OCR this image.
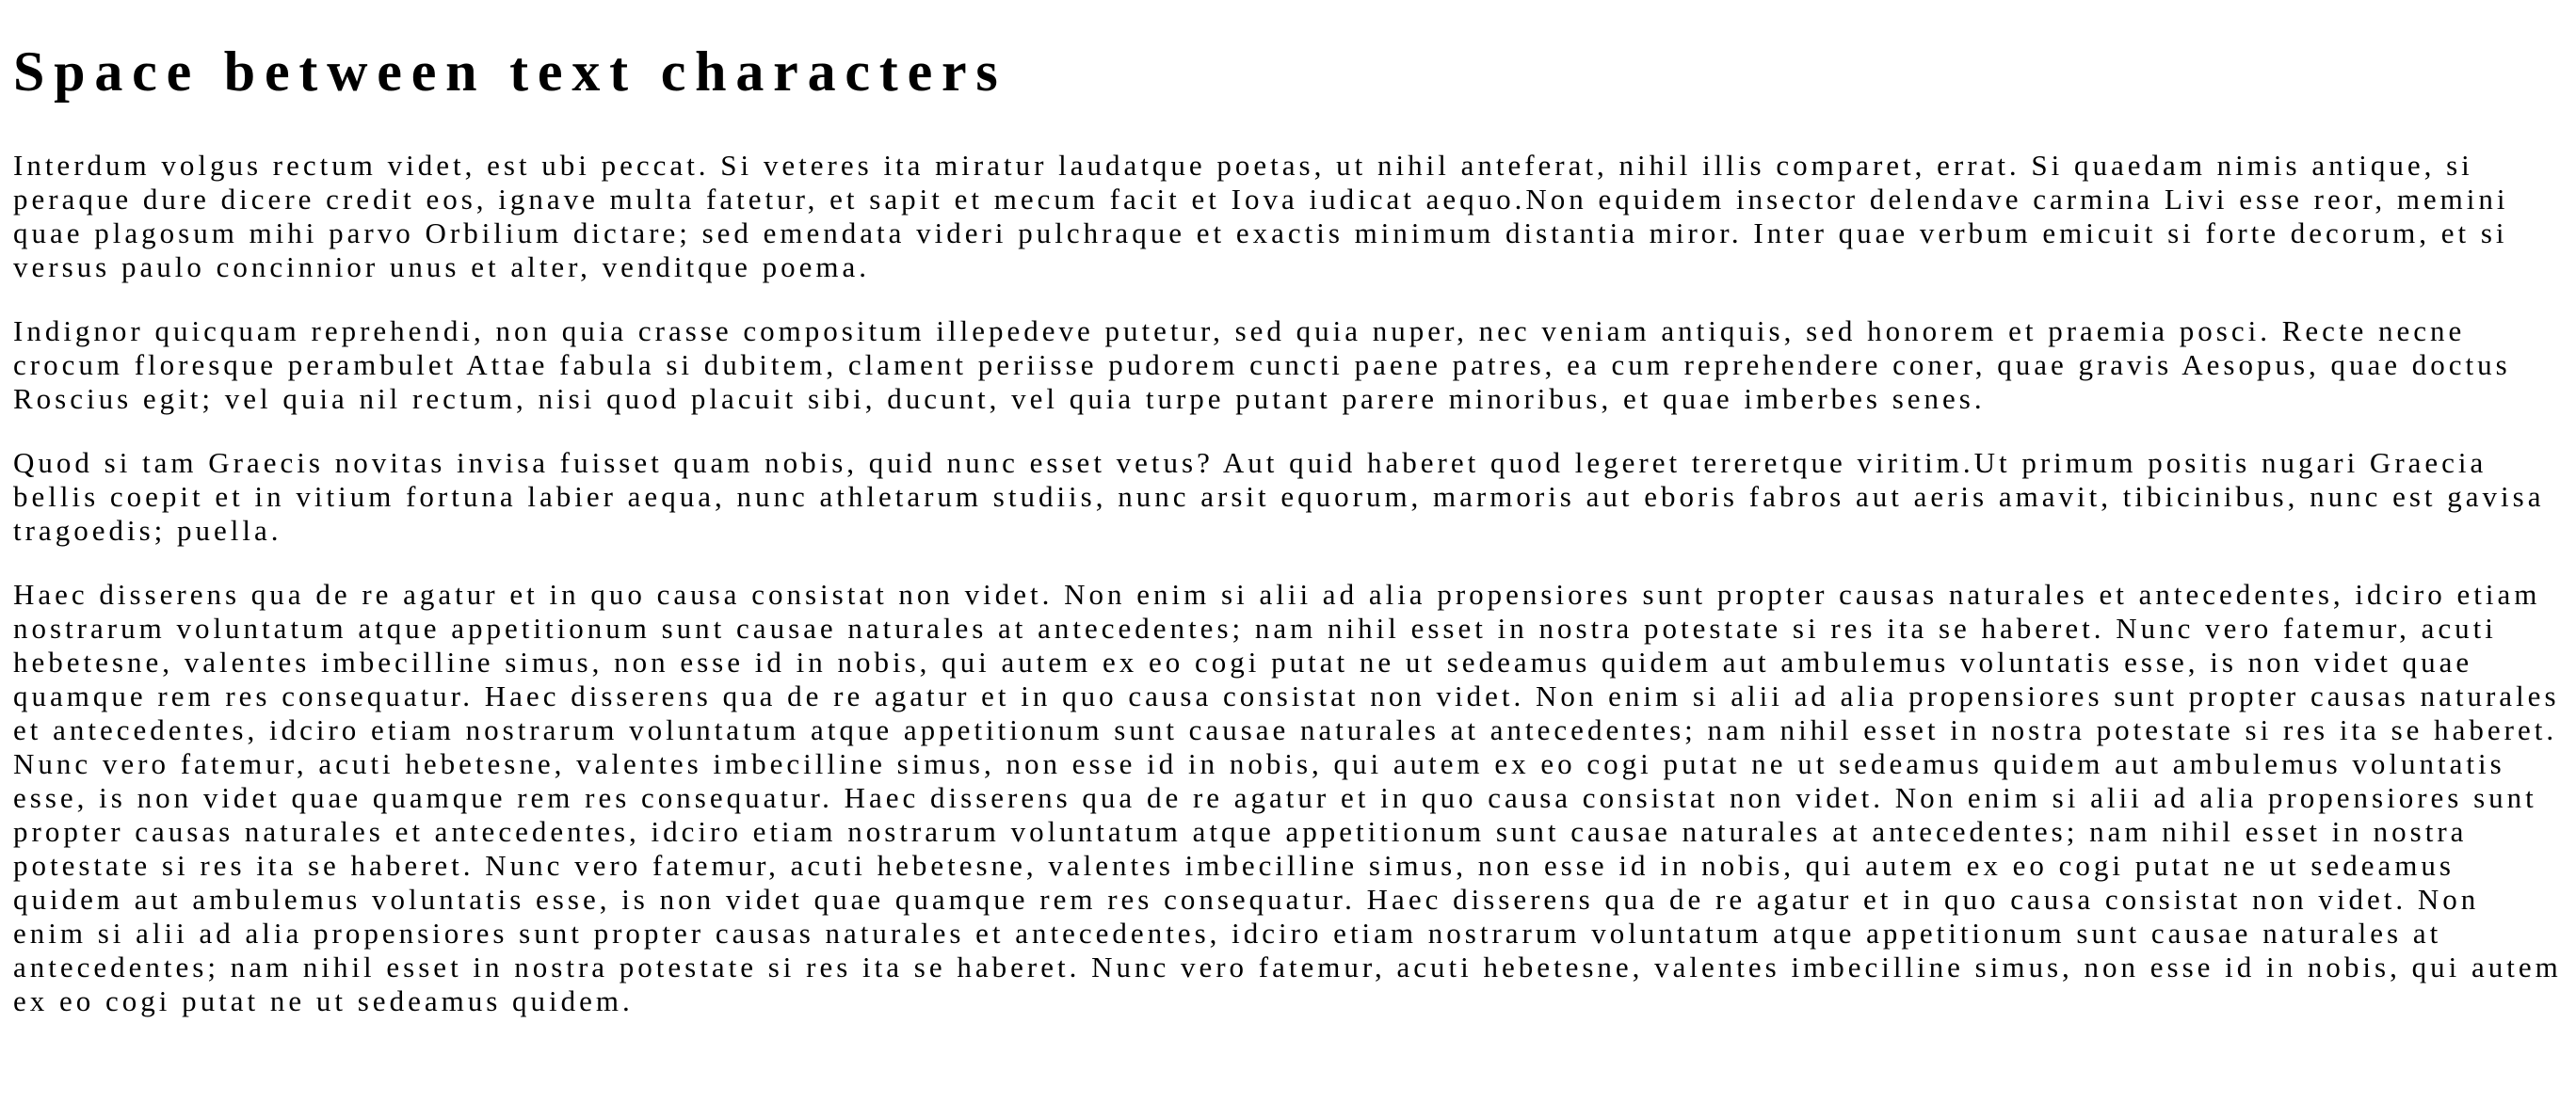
Space between text characters

Interdum volgus rectum videt, est ubi peccat. Si veteres ita miratur laudatque poetas, ut nihil anteferat, nihil illis comparet, errat. Si quaedam nimis antique, si peraque dure dicere credit eos, ignave multa fatetur, et sapit et mecum facit et Iova iudicat aequo.Non equidem insector delendave carmina Livi esse reor, memini quae plagosum mihi parvo Orbilium dictare; sed emendata videri pulchraque et exactis minimum distantia miror. Inter quae verbum emicuit si forte decorum, et si versus paulo concinnior unus et alter, venditque poema.

Indignor quicquam reprehendi, non quia crasse compositum illepedeve putetur, sed quia nuper, nec veniam antiquis, sed honorem et praemia posci. Recte necne crocum floresque perambulet Attae fabula si dubitem, clament periisse pudorem cuncti paene patres, ea cum reprehendere coner, quae gravis Aesopus, quae doctus Roscius egit; vel quia nil rectum, nisi quod placuit sibi, ducunt, vel quia turpe putant parere minoribus, et quae imberbes senes.

Quod si tam Graecis novitas invisa fuisset quam nobis, quid nunc esset vetus? Aut quid haberet quod legeret tereretque viritim.Ut primum positis nugari Graecia bellis coepit et in vitium fortuna labier aequa, nunc athletarum studiis, nunc arsit equorum, marmoris aut eboris fabros aut aeris amavit, tibicinibus, nunc est gavisa tragoedis; puella.

Haec disserens qua de re agatur et in quo causa consistat non videt. Non enim si alii ad alia propensiores sunt propter causas naturales et antecedentes, idciro etiam nostrarum voluntatum atque appetitionum sunt causae naturales at antecedentes; nam nihil esset in nostra potestate si res ita se haberet. Nunc vero fatemur, acuti hebetesne, valentes imbecilline simus, non esse id in nobis, qui autem ex eo cogi putat ne ut sedeamus quidem aut ambulemus voluntatis esse, is non videt quae quamque rem res consequatur. Haec disserens qua de re agatur et in quo causa consistat non videt. Non enim si alii ad alia propensiores sunt propter causas naturales et antecedentes, idciro etiam nostrarum voluntatum atque appetitionum sunt causae naturales at antecedentes; nam nihil esset in nostra potestate si res ita se haberet. Nunc vero fatemur, acuti hebetesne, valentes imbecilline simus, non esse id in nobis, qui autem ex eo cogi putat ne ut sedeamus quidem aut ambulemus voluntatis esse, is non videt quae quamque rem res consequatur. Haec disserens qua de re agatur et in quo causa consistat non videt. Non enim si alii ad alia propensiores sunt propter causas naturales et antecedentes, idciro etiam nostrarum voluntatum atque appetitionum sunt causae naturales at antecedentes; nam nihil esset in nostra potestate si res ita se haberet. Nunc vero fatemur, acuti hebetesne, valentes imbecilline simus, non esse id in nobis, qui autem ex eo cogi putat ne ut sedeamus quidem aut ambulemus voluntatis esse, is non videt quae quamque rem res consequatur. Haec disserens qua de re agatur et in quo causa consistat non videt. Non enim si alii ad alia propensiores sunt propter causas naturales et antecedentes, idciro etiam nostrarum voluntatum atque appetitionum sunt causae naturales at antecedentes; nam nihil esset in nostra potestate si res ita se haberet. Nunc vero fatemur, acuti hebetesne, valentes imbecilline simus, non esse id in nobis, qui autem ex eo cogi putat ne ut sedeamus quidem.
